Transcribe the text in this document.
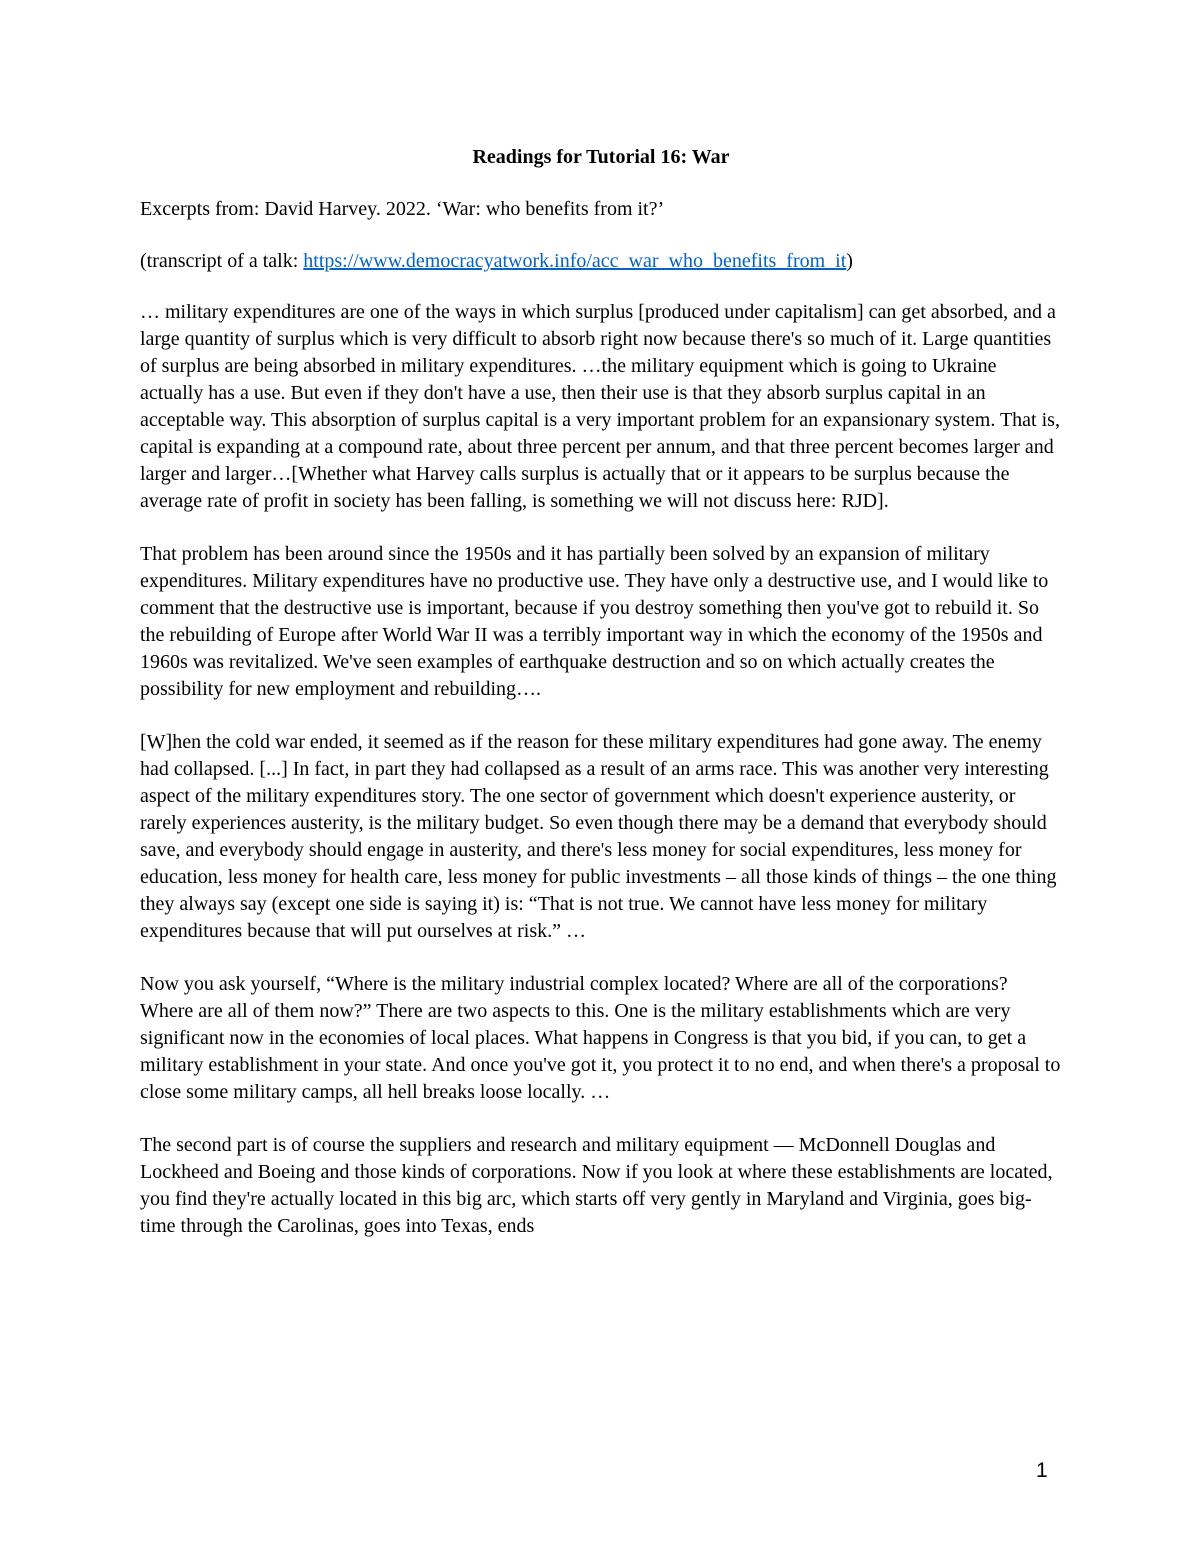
Readings for Tutorial 16: War
Excerpts from: David Harvey. 2022. ‘War: who benefits from it?’
(transcript of a talk: https://www.democracyatwork.info/acc_war_who_benefits_from_it)

… military expenditures are one of the ways in which surplus [produced under capitalism] can get absorbed, and a large quantity of surplus which is very difficult to absorb right now because there's so much of it. Large quantities of surplus are being absorbed in military expenditures. …the military equipment which is going to Ukraine actually has a use. But even if they don't have a use, then their use is that they absorb surplus capital in an acceptable way. This absorption of surplus capital is a very important problem for an expansionary system. That is, capital is expanding at a compound rate, about three percent per annum, and that three percent becomes larger and larger and larger…[Whether what Harvey calls surplus is actually that or it appears to be surplus because the average rate of profit in society has been falling, is something we will not discuss here: RJD].

That problem has been around since the 1950s and it has partially been solved by an expansion of military expenditures. Military expenditures have no productive use. They have only a destructive use, and I would like to comment that the destructive use is important, because if you destroy something then you've got to rebuild it. So the rebuilding of Europe after World War II was a terribly important way in which the economy of the 1950s and 1960s was revitalized. We've seen examples of earthquake destruction and so on which actually creates the possibility for new employment and rebuilding….

[W]hen the cold war ended, it seemed as if the reason for these military expenditures had gone away. The enemy had collapsed. [...] In fact, in part they had collapsed as a result of an arms race. This was another very interesting aspect of the military expenditures story. The one sector of government which doesn't experience austerity, or rarely experiences austerity, is the military budget. So even though there may be a demand that everybody should save, and everybody should engage in austerity, and there's less money for social expenditures, less money for education, less money for health care, less money for public investments – all those kinds of things – the one thing they always say (except one side is saying it) is: “That is not true. We cannot have less money for military expenditures because that will put ourselves at risk.” …

Now you ask yourself, “Where is the military industrial complex located? Where are all of the corporations? Where are all of them now?” There are two aspects to this. One is the military establishments which are very significant now in the economies of local places. What happens in Congress is that you bid, if you can, to get a military establishment in your state. And once you've got it, you protect it to no end, and when there's a proposal to close some military camps, all hell breaks loose locally. …

The second part is of course the suppliers and research and military equipment — McDonnell Douglas and Lockheed and Boeing and those kinds of corporations. Now if you look at where these establishments are located, you find they're actually located in this big arc, which starts off very gently in Maryland and Virginia, goes big-time through the Carolinas, goes into Texas, ends

1
